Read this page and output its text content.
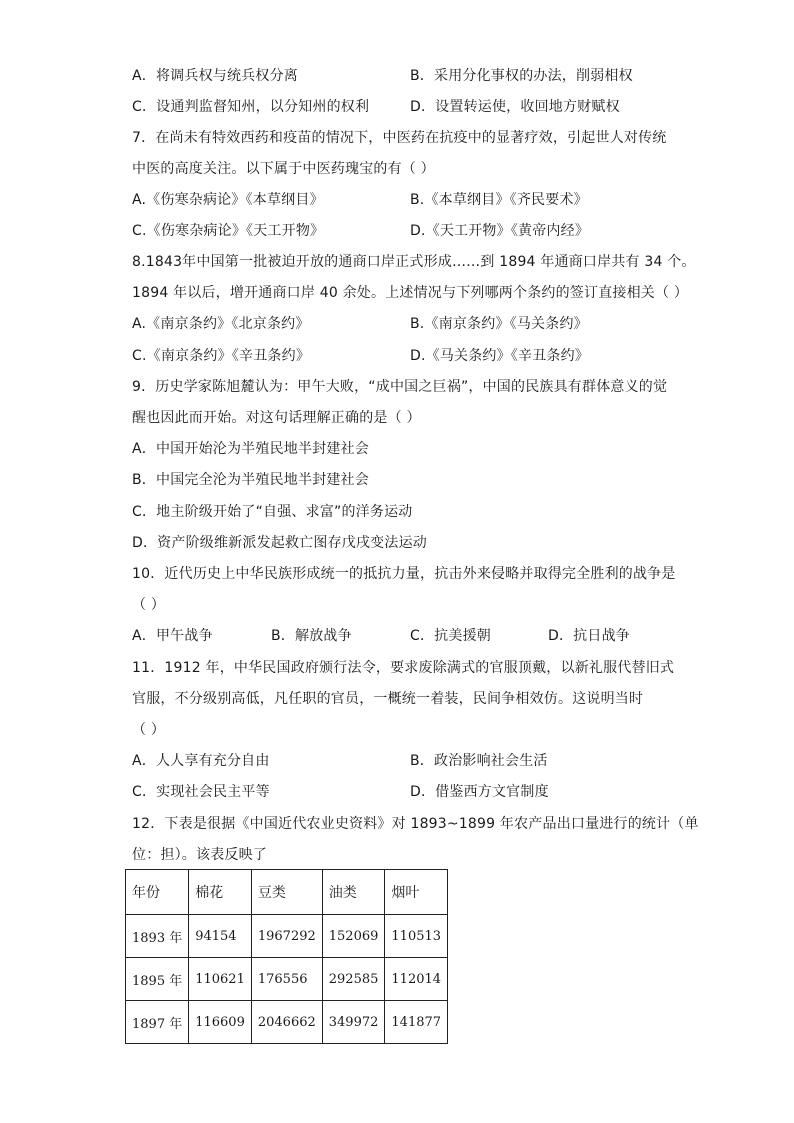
A．将调兵权与统兵权分离	B．采用分化事权的办法，削弱相权
C．设通判监督知州，以分知州的权利	D．设置转运使，收回地方财赋权
7．在尚未有特效西药和疫苗的情况下，中医药在抗疫中的显著疗效，引起世人对传统
中医的高度关注。以下属于中医药瑰宝的有（ ）
A.《伤寒杂病论》《本草纲目》	B.《本草纲目》《齐民要术》
C.《伤寒杂病论》《天工开物》	D.《天工开物》《黄帝内经》
8.1843年中国第一批被迫开放的通商口岸正式形成……到 1894 年通商口岸共有 34 个。
1894 年以后，增开通商口岸 40 余处。上述情况与下列哪两个条约的签订直接相关（ ）
A.《南京条约》《北京条约》	B.《南京条约》《马关条约》
C.《南京条约》《辛丑条约》	D.《马关条约》《辛丑条约》
9．历史学家陈旭麓认为：甲午大败，“成中国之巨祸”，中国的民族具有群体意义的觉
醒也因此而开始。对这句话理解正确的是（ ）
A．中国开始沦为半殖民地半封建社会
B．中国完全沦为半殖民地半封建社会
C．地主阶级开始了“自强、求富”的洋务运动
D．资产阶级维新派发起救亡图存戊戌变法运动
10．近代历史上中华民族形成统一的抵抗力量，抗击外来侵略并取得完全胜利的战争是
（ ）
A．甲午战争	B．解放战争	C．抗美援朝	D．抗日战争
11．1912 年，中华民国政府颁行法令，要求废除满式的官服顶戴，以新礼服代替旧式
官服，不分级别高低，凡任职的官员，一概统一着装，民间争相效仿。这说明当时
（ ）
A．人人享有充分自由	B．政治影响社会生活
C．实现社会民主平等	D．借鉴西方文官制度
12．下表是很据《中国近代农业史资料》对 1893~1899 年农产品出口量进行的统计（单
位：担）。该表反映了
年份	棉花	豆类	油类	烟叶
1893 年	94154	1967292	152069	110513
1895 年	110621	176556	292585	112014
1897 年	116609	2046662	349972	141877
